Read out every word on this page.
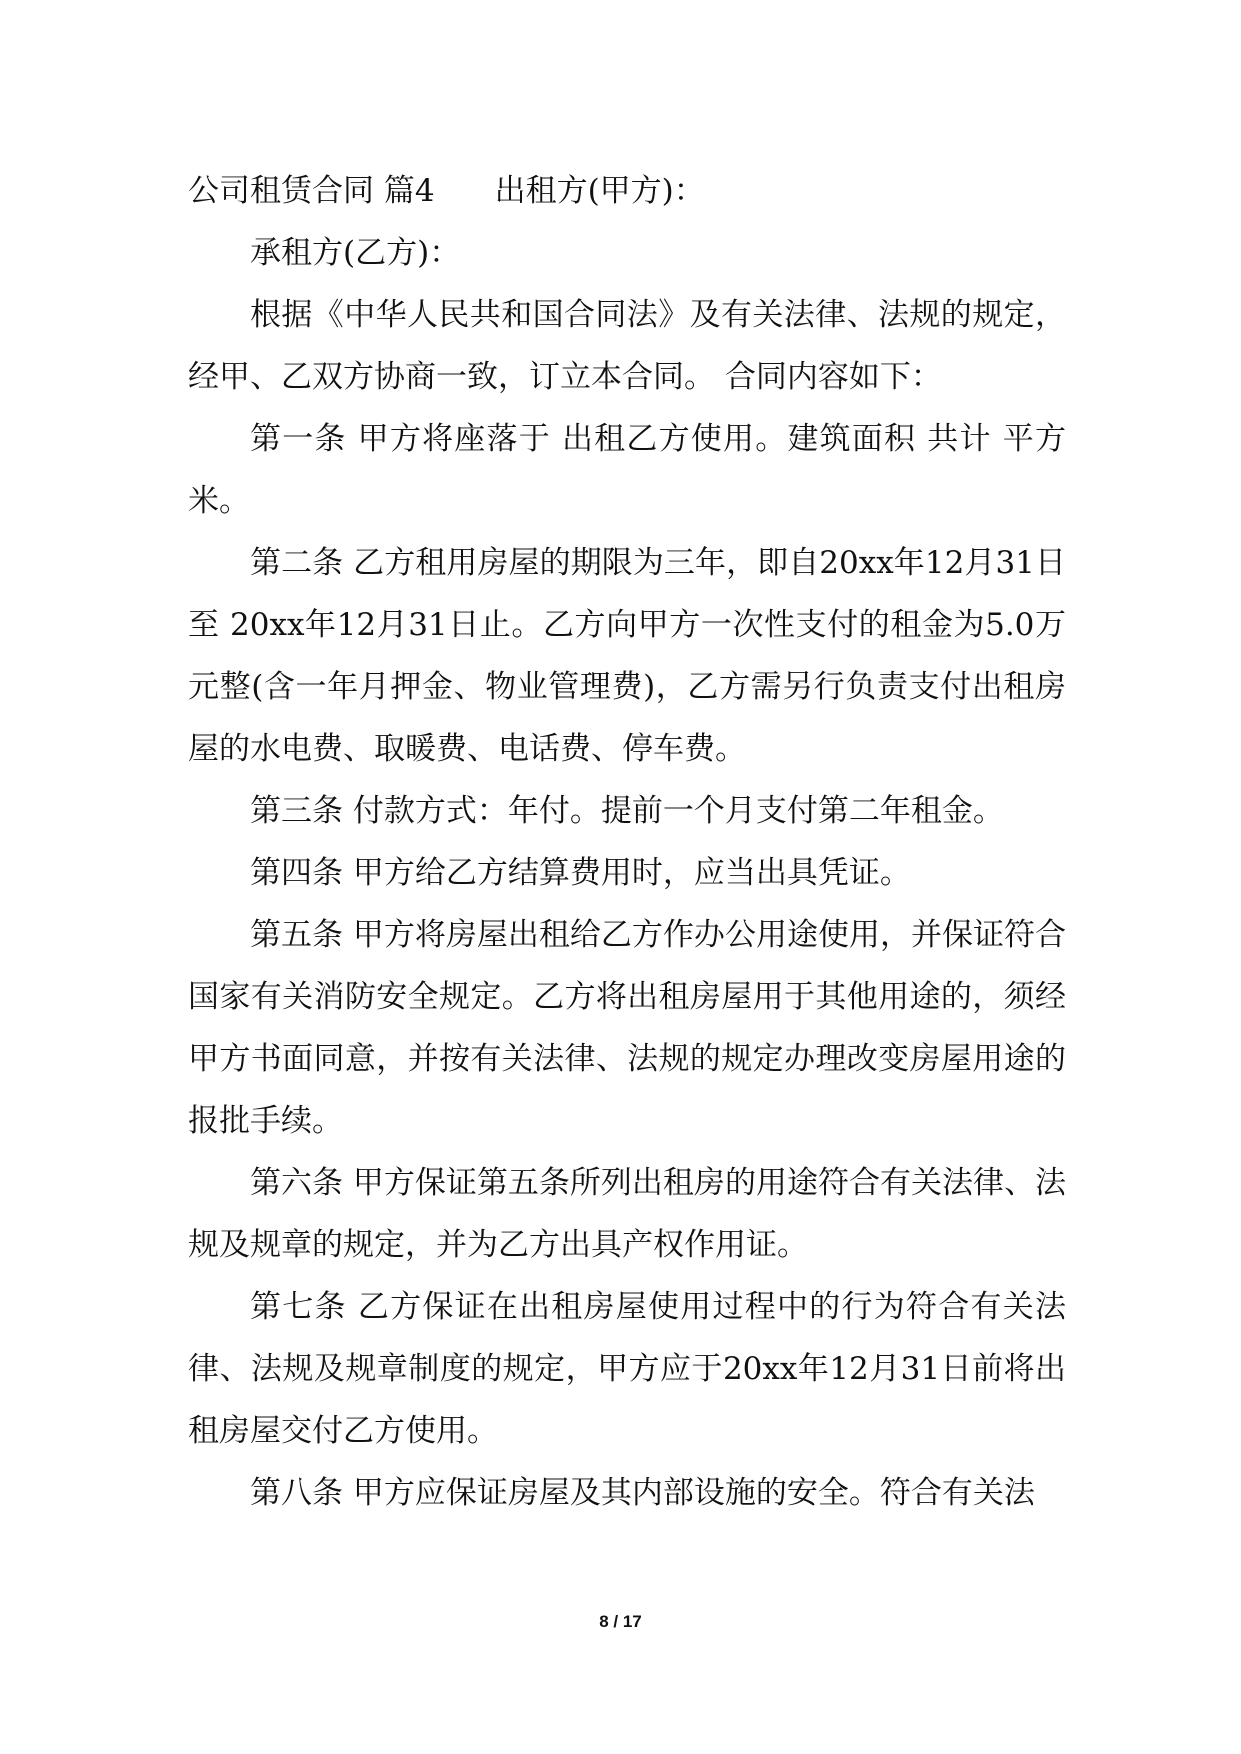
公司租赁合同 篇4 出租方(甲方)：

承租方(乙方)：

根据《中华人民共和国合同法》及有关法律、法规的规定，经甲、乙双方协商一致，订立本合同。 合同内容如下：

第一条 甲方将座落于 出租乙方使用。建筑面积 共计 平方米。

第二条 乙方租用房屋的期限为三年，即自20xx年12月31日至 20xx年12月31日止。乙方向甲方一次性支付的租金为5.0万元整(含一年月押金、物业管理费)，乙方需另行负责支付出租房屋的水电费、取暖费、电话费、停车费。

第三条 付款方式：年付。提前一个月支付第二年租金。

第四条 甲方给乙方结算费用时，应当出具凭证。

第五条 甲方将房屋出租给乙方作办公用途使用，并保证符合国家有关消防安全规定。乙方将出租房屋用于其他用途的，须经甲方书面同意，并按有关法律、法规的规定办理改变房屋用途的报批手续。

第六条 甲方保证第五条所列出租房的用途符合有关法律、法规及规章的规定，并为乙方出具产权作用证。

第七条 乙方保证在出租房屋使用过程中的行为符合有关法律、法规及规章制度的规定，甲方应于20xx年12月31日前将出租房屋交付乙方使用。

第八条 甲方应保证房屋及其内部设施的安全。符合有关法

8 / 17
